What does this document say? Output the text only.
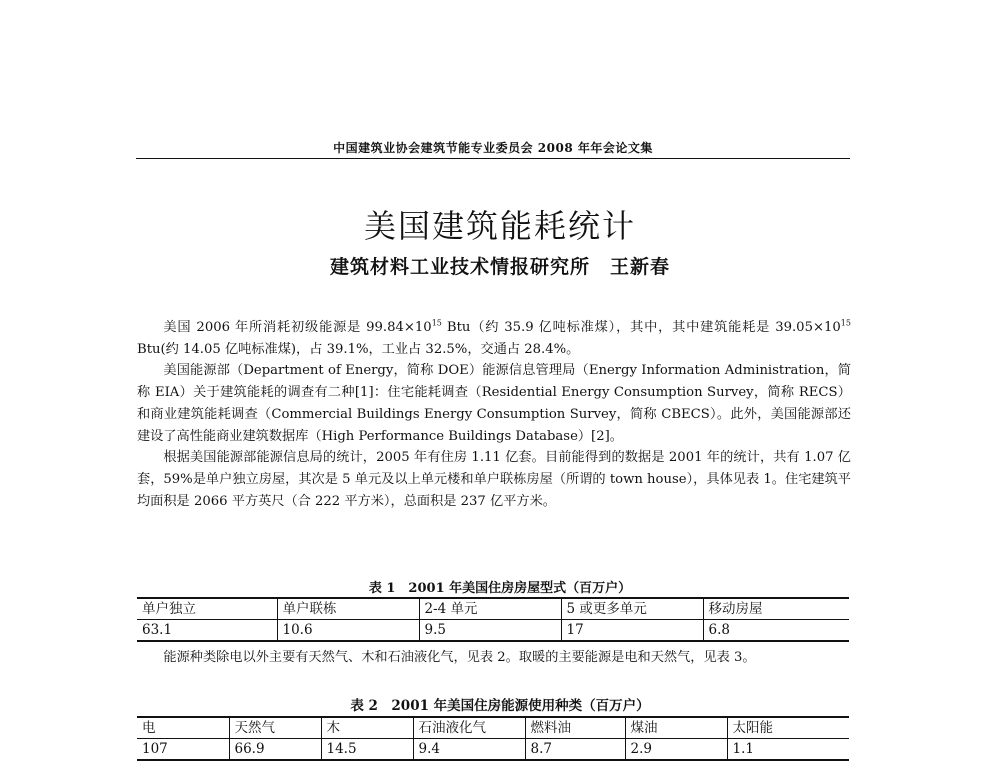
中国建筑业协会建筑节能专业委员会 2008 年年会论文集
美国建筑能耗统计
建筑材料工业技术情报研究所　王新春

美国 2006 年所消耗初级能源是 $99.84\times 10^{15}$ Btu（约 35.9 亿吨标准煤），其中，其中建筑能耗是 $39.05\times 10^{15}$ Btu(约 14.05 亿吨标准煤)，占 39.1%，工业占 32.5%，交通占 28.4%。

美国能源部（Department of Energy，简称 DOE）能源信息管理局（Energy Information Administration，简称 EIA）关于建筑能耗的调查有二种[1]：住宅能耗调查（Residential Energy Consumption Survey，简称 RECS）和商业建筑能耗调查（Commercial Buildings Energy Consumption Survey，简称 CBECS）。此外，美国能源部还建设了高性能商业建筑数据库（High Performance Buildings Database）[2]。

根据美国能源部能源信息局的统计，2005 年有住房 1.11 亿套。目前能得到的数据是 2001 年的统计，共有 1.07 亿套，59%是单户独立房屋，其次是 5 单元及以上单元楼和单户联栋房屋（所谓的 town house），具体见表 1。住宅建筑平均面积是 2066 平方英尺（合 222 平方米），总面积是 237 亿平方米。

表 1　2001 年美国住房房屋型式（百万户）
单户独立	单户联栋	2-4 单元	5 或更多单元	移动房屋
63.1	10.6	9.5	17	6.8

能源种类除电以外主要有天然气、木和石油液化气，见表 2。取暖的主要能源是电和天然气，见表 3。

表 2　2001 年美国住房能源使用种类（百万户）
电	天然气	木	石油液化气	燃料油	煤油	太阳能
107	66.9	14.5	9.4	8.7	2.9	1.1
